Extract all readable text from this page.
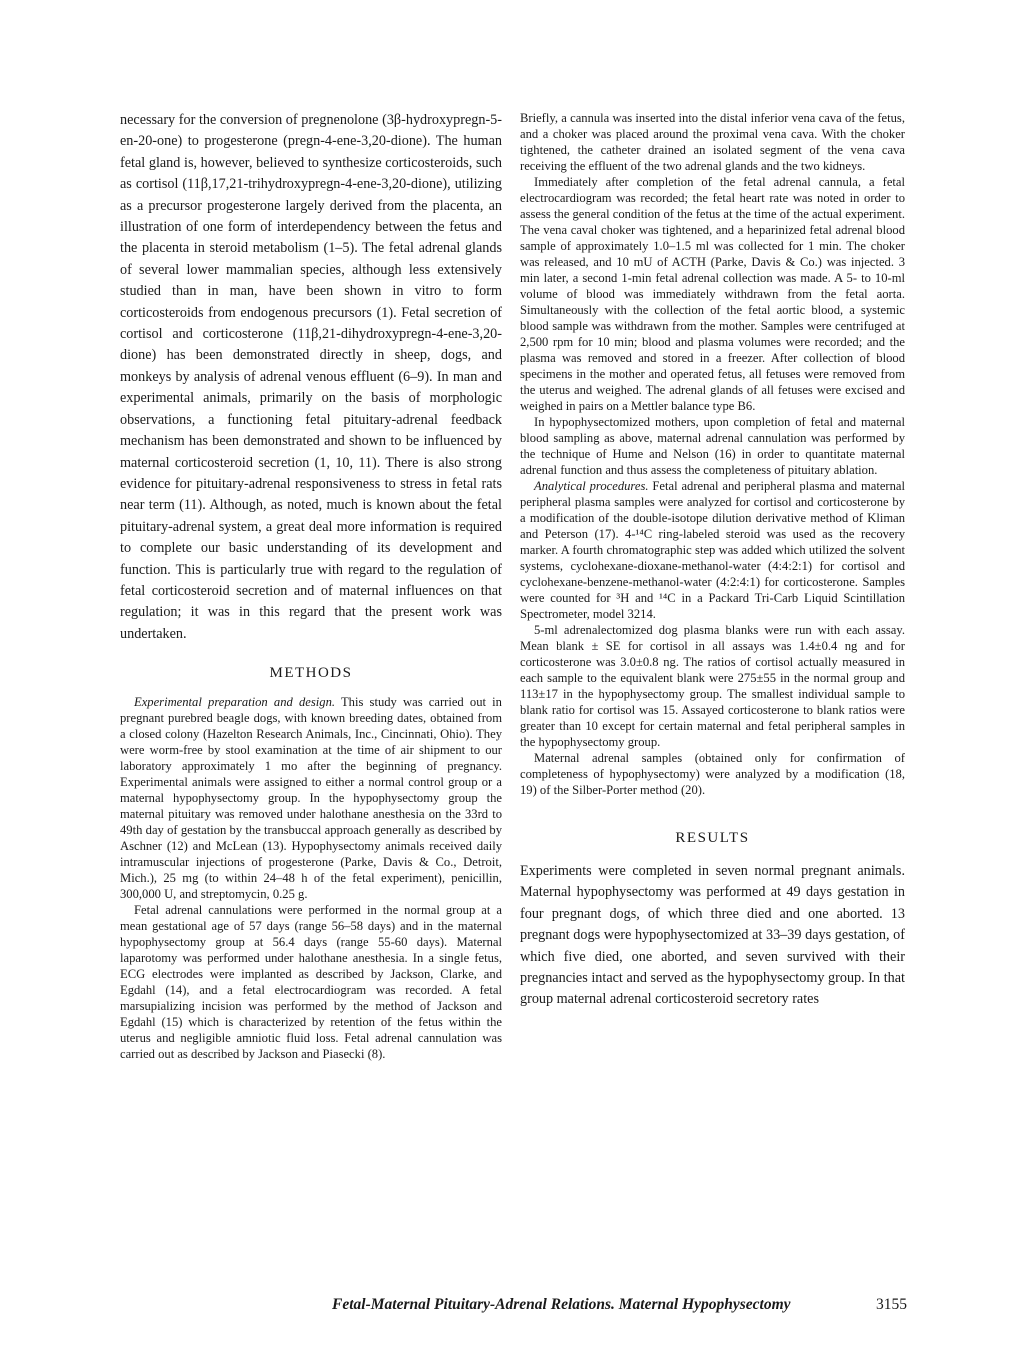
necessary for the conversion of pregnenolone (3β-hydroxypregn-5-en-20-one) to progesterone (pregn-4-ene-3,20-dione). The human fetal gland is, however, believed to synthesize corticosteroids, such as cortisol (11β,17,21-trihydroxypregn-4-ene-3,20-dione), utilizing as a precursor progesterone largely derived from the placenta, an illustration of one form of interdependency between the fetus and the placenta in steroid metabolism (1–5). The fetal adrenal glands of several lower mammalian species, although less extensively studied than in man, have been shown in vitro to form corticosteroids from endogenous precursors (1). Fetal secretion of cortisol and corticosterone (11β,21-dihydroxypregn-4-ene-3,20-dione) has been demonstrated directly in sheep, dogs, and monkeys by analysis of adrenal venous effluent (6–9). In man and experimental animals, primarily on the basis of morphologic observations, a functioning fetal pituitary-adrenal feedback mechanism has been demonstrated and shown to be influenced by maternal corticosteroid secretion (1, 10, 11). There is also strong evidence for pituitary-adrenal responsiveness to stress in fetal rats near term (11). Although, as noted, much is known about the fetal pituitary-adrenal system, a great deal more information is required to complete our basic understanding of its development and function. This is particularly true with regard to the regulation of fetal corticosteroid secretion and of maternal influences on that regulation; it was in this regard that the present work was undertaken.

METHODS

Experimental preparation and design. This study was carried out in pregnant purebred beagle dogs, with known breeding dates, obtained from a closed colony (Hazelton Research Animals, Inc., Cincinnati, Ohio). They were worm-free by stool examination at the time of air shipment to our laboratory approximately 1 mo after the beginning of pregnancy. Experimental animals were assigned to either a normal control group or a maternal hypophysectomy group. In the hypophysectomy group the maternal pituitary was removed under halothane anesthesia on the 33rd to 49th day of gestation by the transbuccal approach generally as described by Aschner (12) and McLean (13). Hypophysectomy animals received daily intramuscular injections of progesterone (Parke, Davis & Co., Detroit, Mich.), 25 mg (to within 24–48 h of the fetal experiment), penicillin, 300,000 U, and streptomycin, 0.25 g.

Fetal adrenal cannulations were performed in the normal group at a mean gestational age of 57 days (range 56–58 days) and in the maternal hypophysectomy group at 56.4 days (range 55-60 days). Maternal laparotomy was performed under halothane anesthesia. In a single fetus, ECG electrodes were implanted as described by Jackson, Clarke, and Egdahl (14), and a fetal electrocardiogram was recorded. A fetal marsupializing incision was performed by the method of Jackson and Egdahl (15) which is characterized by retention of the fetus within the uterus and negligible amniotic fluid loss. Fetal adrenal cannulation was carried out as described by Jackson and Piasecki (8).

Briefly, a cannula was inserted into the distal inferior vena cava of the fetus, and a choker was placed around the proximal vena cava. With the choker tightened, the catheter drained an isolated segment of the vena cava receiving the effluent of the two adrenal glands and the two kidneys.

Immediately after completion of the fetal adrenal cannula, a fetal electrocardiogram was recorded; the fetal heart rate was noted in order to assess the general condition of the fetus at the time of the actual experiment. The vena caval choker was tightened, and a heparinized fetal adrenal blood sample of approximately 1.0–1.5 ml was collected for 1 min. The choker was released, and 10 mU of ACTH (Parke, Davis & Co.) was injected. 3 min later, a second 1-min fetal adrenal collection was made. A 5- to 10-ml volume of blood was immediately withdrawn from the fetal aorta. Simultaneously with the collection of the fetal aortic blood, a systemic blood sample was withdrawn from the mother. Samples were centrifuged at 2,500 rpm for 10 min; blood and plasma volumes were recorded; and the plasma was removed and stored in a freezer. After collection of blood specimens in the mother and operated fetus, all fetuses were removed from the uterus and weighed. The adrenal glands of all fetuses were excised and weighed in pairs on a Mettler balance type B6.

In hypophysectomized mothers, upon completion of fetal and maternal blood sampling as above, maternal adrenal cannulation was performed by the technique of Hume and Nelson (16) in order to quantitate maternal adrenal function and thus assess the completeness of pituitary ablation.

Analytical procedures. Fetal adrenal and peripheral plasma and maternal peripheral plasma samples were analyzed for cortisol and corticosterone by a modification of the double-isotope dilution derivative method of Kliman and Peterson (17). 4-¹⁴C ring-labeled steroid was used as the recovery marker. A fourth chromatographic step was added which utilized the solvent systems, cyclohexane-dioxane-methanol-water (4:4:2:1) for cortisol and cyclohexane-benzene-methanol-water (4:2:4:1) for corticosterone. Samples were counted for ³H and ¹⁴C in a Packard Tri-Carb Liquid Scintillation Spectrometer, model 3214.

5-ml adrenalectomized dog plasma blanks were run with each assay. Mean blank ± SE for cortisol in all assays was 1.4±0.4 ng and for corticosterone was 3.0±0.8 ng. The ratios of cortisol actually measured in each sample to the equivalent blank were 275±55 in the normal group and 113±17 in the hypophysectomy group. The smallest individual sample to blank ratio for cortisol was 15. Assayed corticosterone to blank ratios were greater than 10 except for certain maternal and fetal peripheral samples in the hypophysectomy group.

Maternal adrenal samples (obtained only for confirmation of completeness of hypophysectomy) were analyzed by a modification (18, 19) of the Silber-Porter method (20).

RESULTS

Experiments were completed in seven normal pregnant animals. Maternal hypophysectomy was performed at 49 days gestation in four pregnant dogs, of which three died and one aborted. 13 pregnant dogs were hypophysectomized at 33–39 days gestation, of which five died, one aborted, and seven survived with their pregnancies intact and served as the hypophysectomy group. In that group maternal adrenal corticosteroid secretory rates

Fetal-Maternal Pituitary-Adrenal Relations. Maternal Hypophysectomy	3155
